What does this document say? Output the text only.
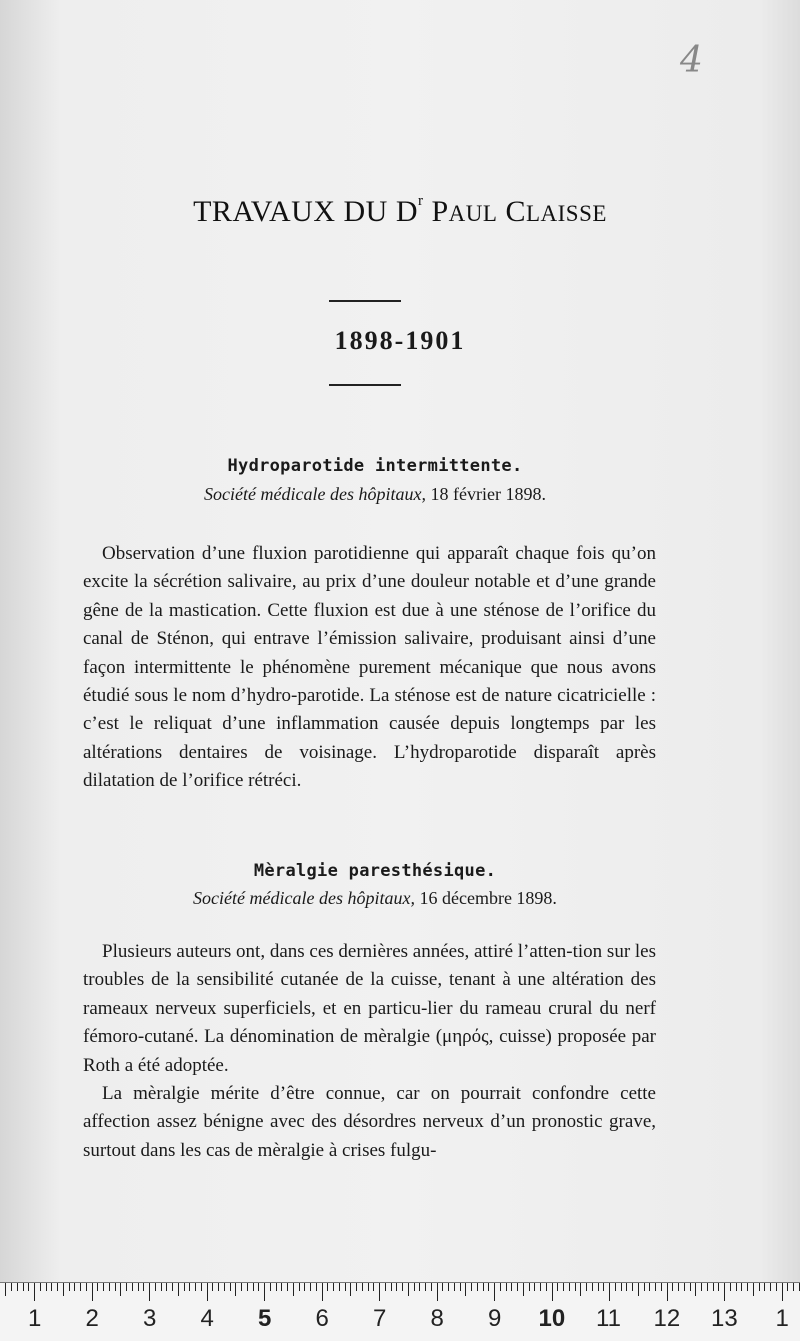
4
TRAVAUX DU $D^r$ PAUL CLAISSE
1898-1901
Hydroparotide intermittente.
Société médicale des hôpitaux, 18 février 1898.

Observation d’une fluxion parotidienne qui apparaît chaque fois qu’on excite la sécrétion salivaire, au prix d’une douleur notable et d’une grande gêne de la mastication. Cette fluxion est due à une sténose de l’orifice du canal de Sténon, qui entrave l’émission salivaire, produisant ainsi d’une façon intermittente le phénomène purement mécanique que nous avons étudié sous le nom d’hydro-parotide. La sténose est de nature cicatricielle : c’est le reliquat d’une inflammation causée depuis longtemps par les altérations dentaires de voisinage. L’hydroparotide disparaît après dilatation de l’orifice rétréci.

Mèralgie paresthésique.
Société médicale des hôpitaux, 16 décembre 1898.

Plusieurs auteurs ont, dans ces dernières années, attiré l’atten-tion sur les troubles de la sensibilité cutanée de la cuisse, tenant à une altération des rameaux nerveux superficiels, et en particu-lier du rameau crural du nerf fémoro-cutané. La dénomination de mèralgie (μηρός, cuisse) proposée par Roth a été adoptée.

La mèralgie mérite d’être connue, car on pourrait confondre cette affection assez bénigne avec des désordres nerveux d’un pronostic grave, surtout dans les cas de mèralgie à crises fulgu-

1 2 3 4 5 6 7 8 9 10 11 12 13 1
